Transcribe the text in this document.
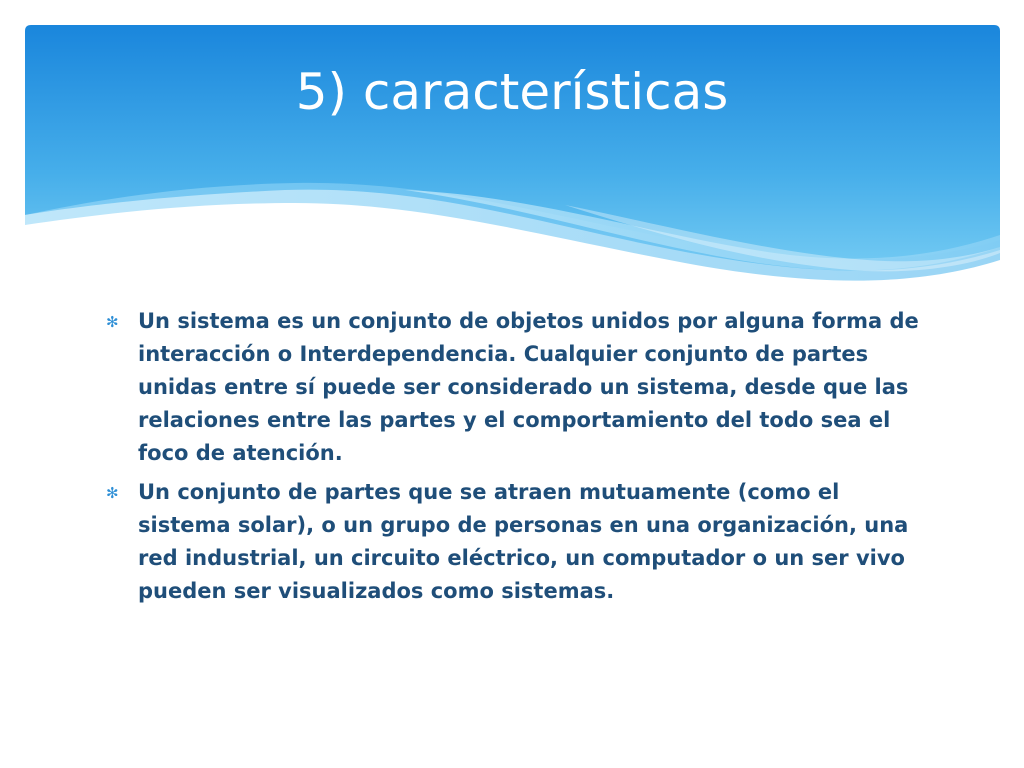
5) características
✻ Un sistema es un conjunto de objetos unidos por alguna forma de interacción o Interdependencia. Cualquier conjunto de partes unidas entre sí puede ser considerado un sistema, desde que las relaciones entre las partes y el comportamiento del todo sea el foco de atención.
✻ Un conjunto de partes que se atraen mutuamente (como el sistema solar), o un grupo de personas en una organización, una red industrial, un circuito eléctrico, un computador o un ser vivo pueden ser visualizados como sistemas.
